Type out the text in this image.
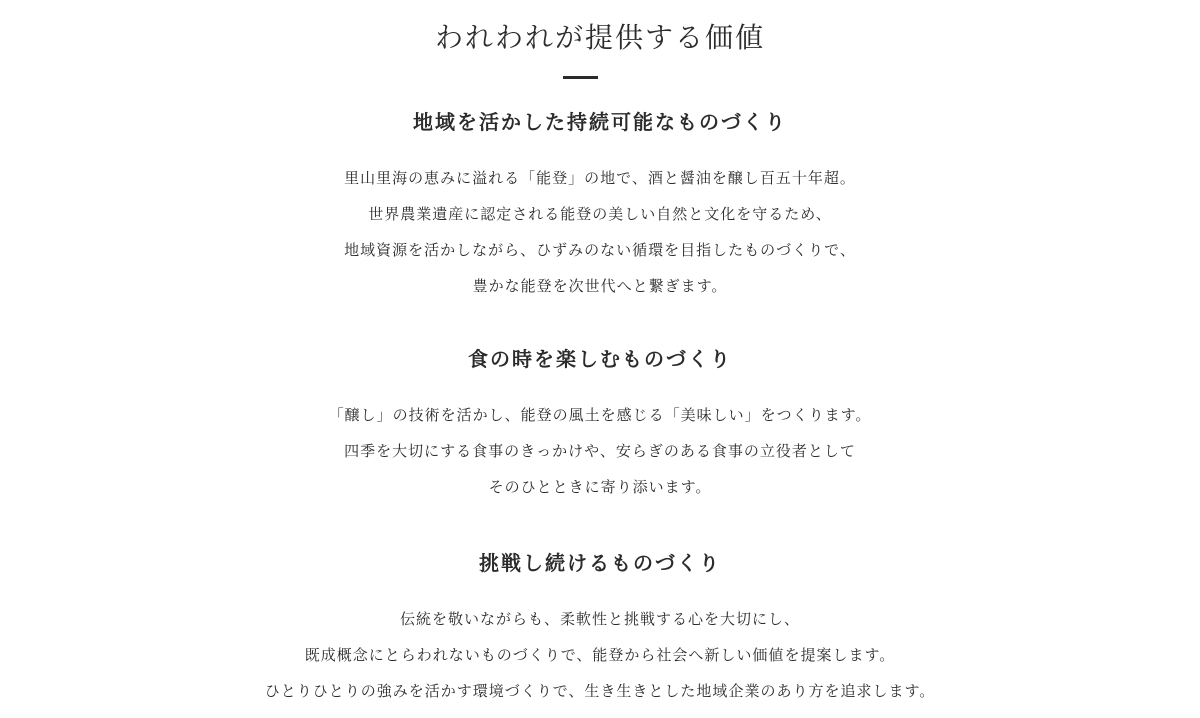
われわれが提供する価値
地域を活かした持続可能なものづくり
里山里海の恵みに溢れる「能登」の地で、酒と醤油を醸し百五十年超。
世界農業遺産に認定される能登の美しい自然と文化を守るため、
地域資源を活かしながら、ひずみのない循環を目指したものづくりで、
豊かな能登を次世代へと繋ぎます。
食の時を楽しむものづくり
「醸し」の技術を活かし、能登の風土を感じる「美味しい」をつくります。
四季を大切にする食事のきっかけや、安らぎのある食事の立役者として
そのひとときに寄り添います。
挑戦し続けるものづくり
伝統を敬いながらも、柔軟性と挑戦する心を大切にし、
既成概念にとらわれないものづくりで、能登から社会へ新しい価値を提案します。
ひとりひとりの強みを活かす環境づくりで、生き生きとした地域企業のあり方を追求します。
